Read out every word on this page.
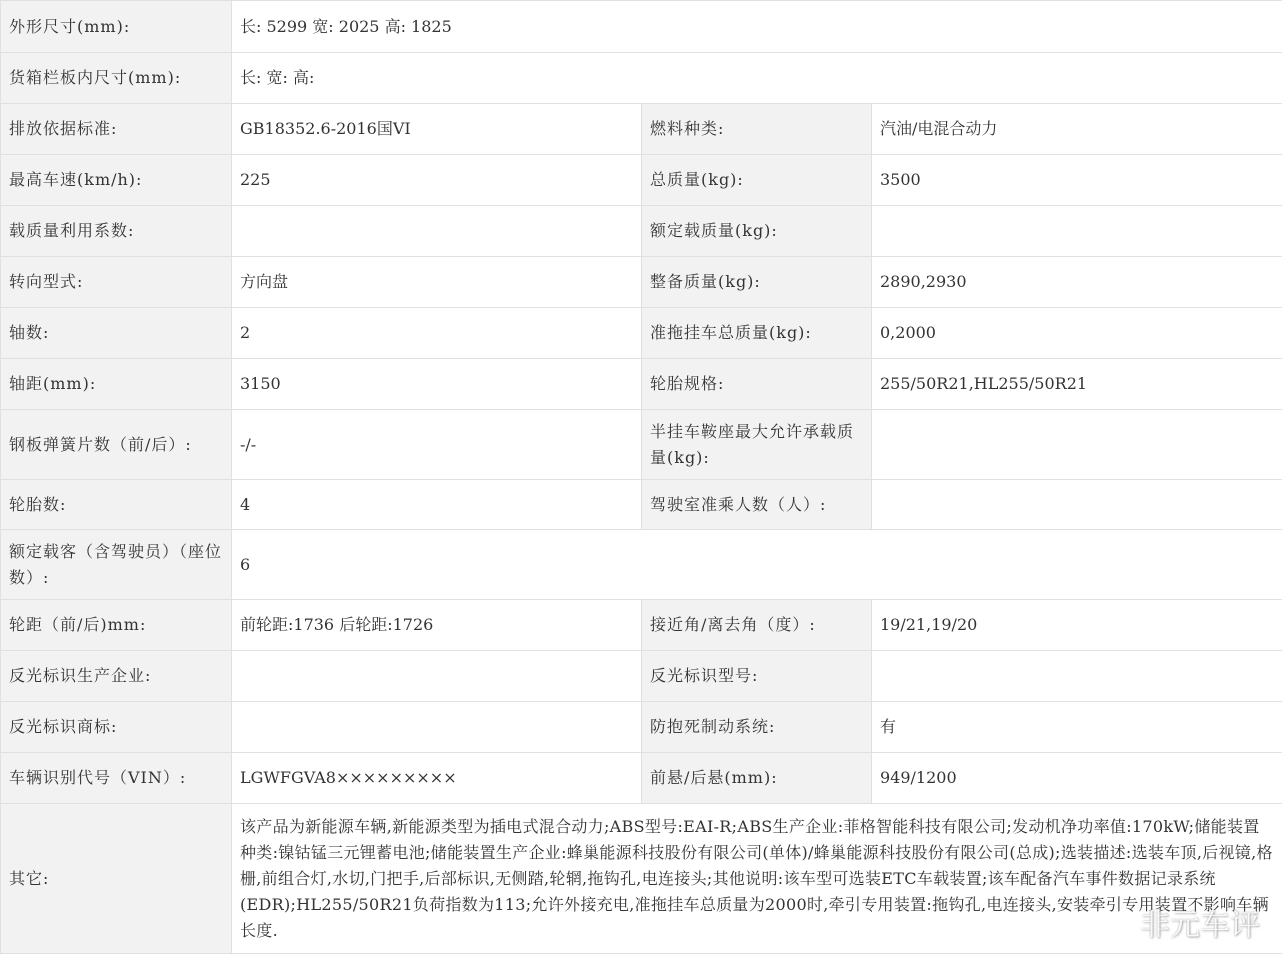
外形尺寸(mm):	长: 5299 宽: 2025 高: 1825		
货箱栏板内尺寸(mm):	长: 宽: 高:		
排放依据标准:	GB18352.6-2016国VI	燃料种类:	汽油/电混合动力
最高车速(km/h):	225	总质量(kg):	3500
载质量利用系数:		额定载质量(kg):	
转向型式:	方向盘	整备质量(kg):	2890,2930
轴数:	2	准拖挂车总质量(kg):	0,2000
轴距(mm):	3150	轮胎规格:	255/50R21,HL255/50R21
钢板弹簧片数（前/后）:	-/-	半挂车鞍座最大允许承载质量(kg):	
轮胎数:	4	驾驶室准乘人数（人）:	
额定载客（含驾驶员）（座位数）:	6		
轮距（前/后)mm:	前轮距:1736 后轮距:1726	接近角/离去角（度）:	19/21,19/20
反光标识生产企业:		反光标识型号:	
反光标识商标:		防抱死制动系统:	有
车辆识别代号（VIN）:	LGWFGVA8×××××××××	前悬/后悬(mm):	949/1200
其它:	该产品为新能源车辆,新能源类型为插电式混合动力;ABS型号:EAI-R;ABS生产企业:菲格智能科技有限公司;发动机净功率值:170kW;储能装置种类:镍钴锰三元锂蓄电池;储能装置生产企业:蜂巢能源科技股份有限公司(单体)/蜂巢能源科技股份有限公司(总成);选装描述:选装车顶,后视镜,格栅,前组合灯,水切,门把手,后部标识,无侧踏,轮辋,拖钩孔,电连接头;其他说明:该车型可选装ETC车载装置;该车配备汽车事件数据记录系统(EDR);HL255/50R21负荷指数为113;允许外接充电,准拖挂车总质量为2000时,牵引专用装置:拖钩孔,电连接头,安装牵引专用装置不影响车辆长度.			非元车评
